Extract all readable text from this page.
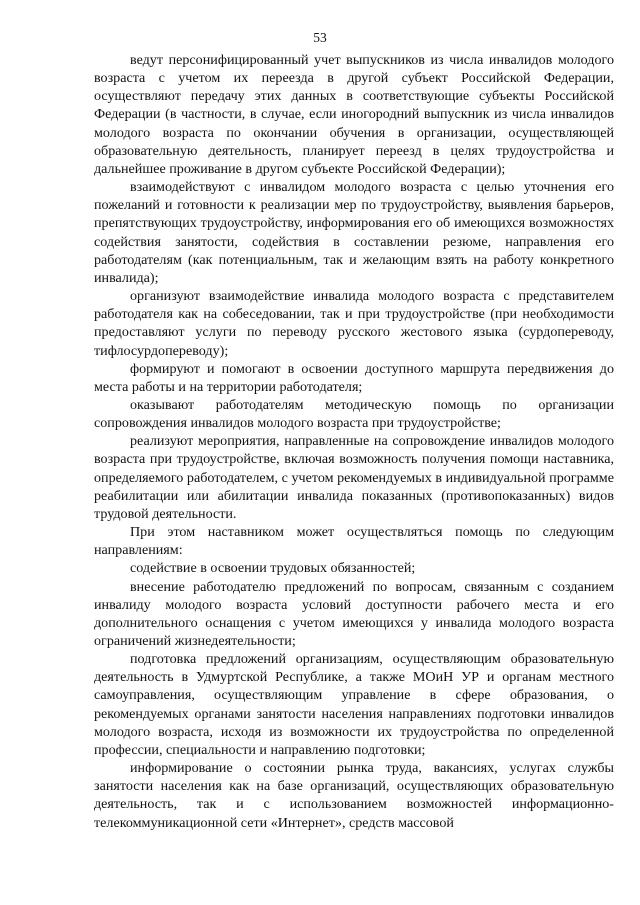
53

ведут персонифицированный учет выпускников из числа инвалидов молодого возраста с учетом их переезда в другой субъект Российской Федерации, осуществляют передачу этих данных в соответствующие субъекты Российской Федерации (в частности, в случае, если иногородний выпускник из числа инвалидов молодого возраста по окончании обучения в организации, осуществляющей образовательную деятельность, планирует переезд в целях трудоустройства и дальнейшее проживание в другом субъекте Российской Федерации);

взаимодействуют с инвалидом молодого возраста с целью уточнения его пожеланий и готовности к реализации мер по трудоустройству, выявления барьеров, препятствующих трудоустройству, информирования его об имеющихся возможностях содействия занятости, содействия в составлении резюме, направления его работодателям (как потенциальным, так и желающим взять на работу конкретного инвалида);

организуют взаимодействие инвалида молодого возраста с представителем работодателя как на собеседовании, так и при трудоустройстве (при необходимости предоставляют услуги по переводу русского жестового языка (сурдопереводу, тифлосурдопереводу);

формируют и помогают в освоении доступного маршрута передвижения до места работы и на территории работодателя;

оказывают работодателям методическую помощь по организации сопровождения инвалидов молодого возраста при трудоустройстве;

реализуют мероприятия, направленные на сопровождение инвалидов молодого возраста при трудоустройстве, включая возможность получения помощи наставника, определяемого работодателем, с учетом рекомендуемых в индивидуальной программе реабилитации или абилитации инвалида показанных (противопоказанных) видов трудовой деятельности.

При этом наставником может осуществляться помощь по следующим направлениям:

содействие в освоении трудовых обязанностей;

внесение работодателю предложений по вопросам, связанным с созданием инвалиду молодого возраста условий доступности рабочего места и его дополнительного оснащения с учетом имеющихся у инвалида молодого возраста ограничений жизнедеятельности;

подготовка предложений организациям, осуществляющим образовательную деятельность в Удмуртской Республике, а также МОиН УР и органам местного самоуправления, осуществляющим управление в сфере образования, о рекомендуемых органами занятости населения направлениях подготовки инвалидов молодого возраста, исходя из возможности их трудоустройства по определенной профессии, специальности и направлению подготовки;

информирование о состоянии рынка труда, вакансиях, услугах службы занятости населения как на базе организаций, осуществляющих образовательную деятельность, так и с использованием возможностей информационно-телекоммуникационной сети «Интернет», средств массовой
